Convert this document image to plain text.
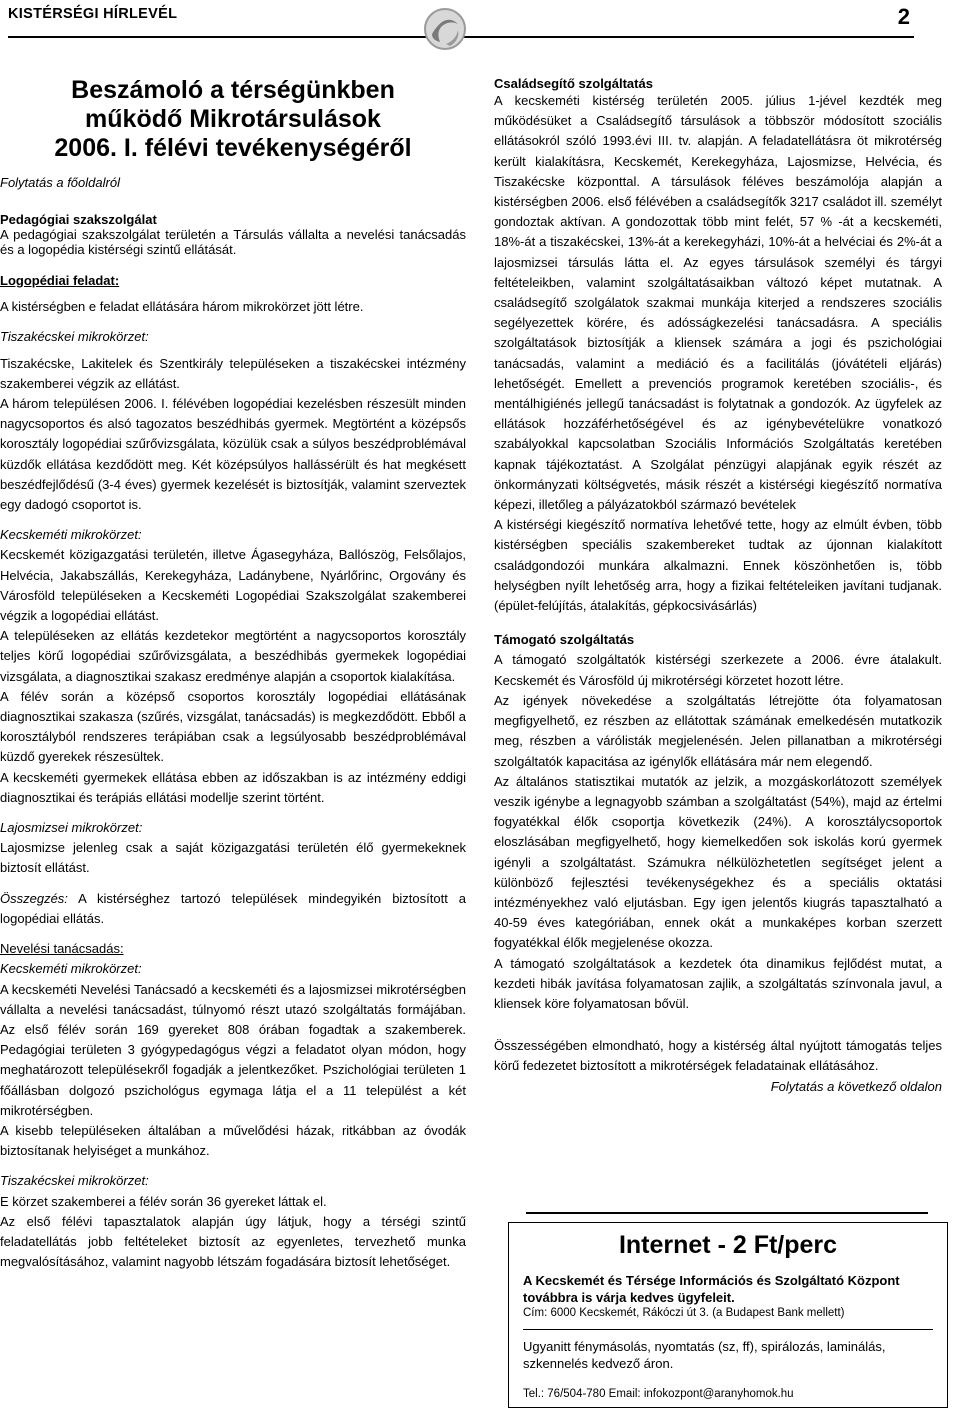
KISTÉRSÉGI HÍRLEVÉL	2
Beszámoló a térségünkben
működő Mikrotársulások
2006. I. félévi tevékenységéről

Folytatás a főoldalról

Pedagógiai szakszolgálat

A pedagógiai szakszolgálat területén a Társulás vállalta a nevelési tanácsadás és a logopédia kistérségi szintű ellátását.

Logopédiai feladat:

A kistérségben e feladat ellátására három mikrokörzet jött létre.

Tiszakécskei mikrokörzet:

Tiszakécske, Lakitelek és Szentkirály településeken a tiszakécskei intézmény szakemberei végzik az ellátást.

A három településen 2006. I. félévében logopédiai kezelésben részesült minden nagycsoportos és alsó tagozatos beszédhibás gyermek. Megtörtént a középsős korosztály logopédiai szűrővizsgálata, közülük csak a súlyos beszédproblémával küzdők ellátása kezdődött meg. Két középsúlyos hallássérült és hat megkésett beszédfejlődésű (3-4 éves) gyermek kezelését is biztosítják, valamint szerveztek egy dadogó csoportot is.

Kecskeméti mikrokörzet:

Kecskemét közigazgatási területén, illetve Ágasegyháza, Ballószög, Felsőlajos, Helvécia, Jakabszállás, Kerekegyháza, Ladánybene, Nyárlőrinc, Orgovány és Városföld településeken a Kecskeméti Logopédiai Szakszolgálat szakemberei végzik a logopédiai ellátást.

A településeken az ellátás kezdetekor megtörtént a nagycsoportos korosztály teljes körű logopédiai szűrővizsgálata, a beszédhibás gyermekek logopédiai vizsgálata, a diagnosztikai szakasz eredménye alapján a csoportok kialakítása.

A félév során a középső csoportos korosztály logopédiai ellátásának diagnosztikai szakasza (szűrés, vizsgálat, tanácsadás) is megkezdődött. Ebből a korosztályból rendszeres terápiában csak a legsúlyosabb beszédproblémával küzdő gyerekek részesültek.

A kecskeméti gyermekek ellátása ebben az időszakban is az intézmény eddigi diagnosztikai és terápiás ellátási modellje szerint történt.

Lajosmizsei mikrokörzet:

Lajosmizse jelenleg csak a saját közigazgatási területén élő gyermekeknek biztosít ellátást.

Összegzés: A kistérséghez tartozó települések mindegyikén biztosított a logopédiai ellátás.

Nevelési tanácsadás:

Kecskeméti mikrokörzet:

A kecskeméti Nevelési Tanácsadó a kecskeméti és a lajosmizsei mikrotérségben vállalta a nevelési tanácsadást, túlnyomó részt utazó szolgáltatás formájában. Az első félév során 169 gyereket 808 órában fogadtak a szakemberek. Pedagógiai területen 3 gyógypedagógus végzi a feladatot olyan módon, hogy meghatározott településekről fogadják a jelentkezőket. Pszichológiai területen 1 főállásban dolgozó pszichológus egymaga látja el a 11 települést a két mikrotérségben.

A kisebb településeken általában a művelődési házak, ritkábban az óvodák biztosítanak helyiséget a munkához.

Tiszakécskei mikrokörzet:

E körzet szakemberei a félév során 36 gyereket láttak el.

Az első félévi tapasztalatok alapján úgy látjuk, hogy a térségi szintű feladatellátás jobb feltételeket biztosít az egyenletes, tervezhető munka megvalósításához, valamint nagyobb létszám fogadására biztosít lehetőséget.

Családsegítő szolgáltatás

A kecskeméti kistérség területén 2005. július 1-jével kezdték meg működésüket a Családsegítő társulások a többször módosított szociális ellátásokról szóló 1993.évi III. tv. alapján. A feladatellátásra öt mikrotérség került kialakításra, Kecskemét, Kerekegyháza, Lajosmizse, Helvécia, és Tiszakécske központtal. A társulások féléves beszámolója alapján a kistérségben 2006. első félévében a családsegítők 3217 családot ill. személyt gondoztak aktívan. A gondozottak több mint felét, 57 % -át a kecskeméti, 18%-át a tiszakécskei, 13%-át a kerekegyházi, 10%-át a helvéciai és 2%-át a lajosmizsei társulás látta el. Az egyes társulások személyi és tárgyi feltételeikben, valamint szolgáltatásaikban változó képet mutatnak. A családsegítő szolgálatok szakmai munkája kiterjed a rendszeres szociális segélyezettek körére, és adósságkezelési tanácsadásra. A speciális szolgáltatások biztosítják a kliensek számára a jogi és pszichológiai tanácsadás, valamint a mediáció és a facilitálás (jóvátételi eljárás) lehetőségét. Emellett a prevenciós programok keretében szociális-, és mentálhigiénés jellegű tanácsadást is folytatnak a gondozók. Az ügyfelek az ellátások hozzáférhetőségével és az igénybevételükre vonatkozó szabályokkal kapcsolatban Szociális Információs Szolgáltatás keretében kapnak tájékoztatást. A Szolgálat pénzügyi alapjának egyik részét az önkormányzati költségvetés, másik részét a kistérségi kiegészítő normatíva képezi, illetőleg a pályázatokból származó bevételek

A kistérségi kiegészítő normatíva lehetővé tette, hogy az elmúlt évben, több kistérségben speciális szakembereket tudtak az újonnan kialakított családgondozói munkára alkalmazni. Ennek köszönhetően is, több helységben nyílt lehetőség arra, hogy a fizikai feltételeiken javítani tudjanak. (épület-felújítás, átalakítás, gépkocsivásárlás)

Támogató szolgáltatás

A támogató szolgáltatók kistérségi szerkezete a 2006. évre átalakult. Kecskemét és Városföld új mikrotérségi körzetet hozott létre.

Az igények növekedése a szolgáltatás létrejötte óta folyamatosan megfigyelhető, ez részben az ellátottak számának emelkedésén mutatkozik meg, részben a várólisták megjelenésén. Jelen pillanatban a mikrotérségi szolgáltatók kapacitása az igénylők ellátására már nem elegendő.

Az általános statisztikai mutatók az jelzik, a mozgáskorlátozott személyek veszik igénybe a legnagyobb számban a szolgáltatást (54%), majd az értelmi fogyatékkal élők csoportja következik (24%). A korosztálycsoportok eloszlásában megfigyelhető, hogy kiemelkedően sok iskolás korú gyermek igényli a szolgáltatást. Számukra nélkülözhetetlen segítséget jelent a különböző fejlesztési tevékenységekhez és a speciális oktatási intézményekhez való eljutásban. Egy igen jelentős kiugrás tapasztalható a 40-59 éves kategóriában, ennek okát a munkaképes korban szerzett fogyatékkal élők megjelenése okozza.

A támogató szolgáltatások a kezdetek óta dinamikus fejlődést mutat, a kezdeti hibák javítása folyamatosan zajlik, a szolgáltatás színvonala javul, a kliensek köre folyamatosan bővül.

Összességében elmondható, hogy a kistérség által nyújtott támogatás teljes körű fedezetet biztosított a mikrotérségek feladatainak ellátásához.
Folytatás a következő oldalon

Internet - 2 Ft/perc
A Kecskemét és Térsége Információs és Szolgáltató Központ továbbra is várja kedves ügyfeleit.
Cím: 6000 Kecskemét, Rákóczi út 3. (a Budapest Bank mellett)
Ugyanitt fénymásolás, nyomtatás (sz, ff), spirálozás, laminálás, szkennelés kedvező áron.
Tel.: 76/504-780 Email: infokozpont@aranyhomok.hu
